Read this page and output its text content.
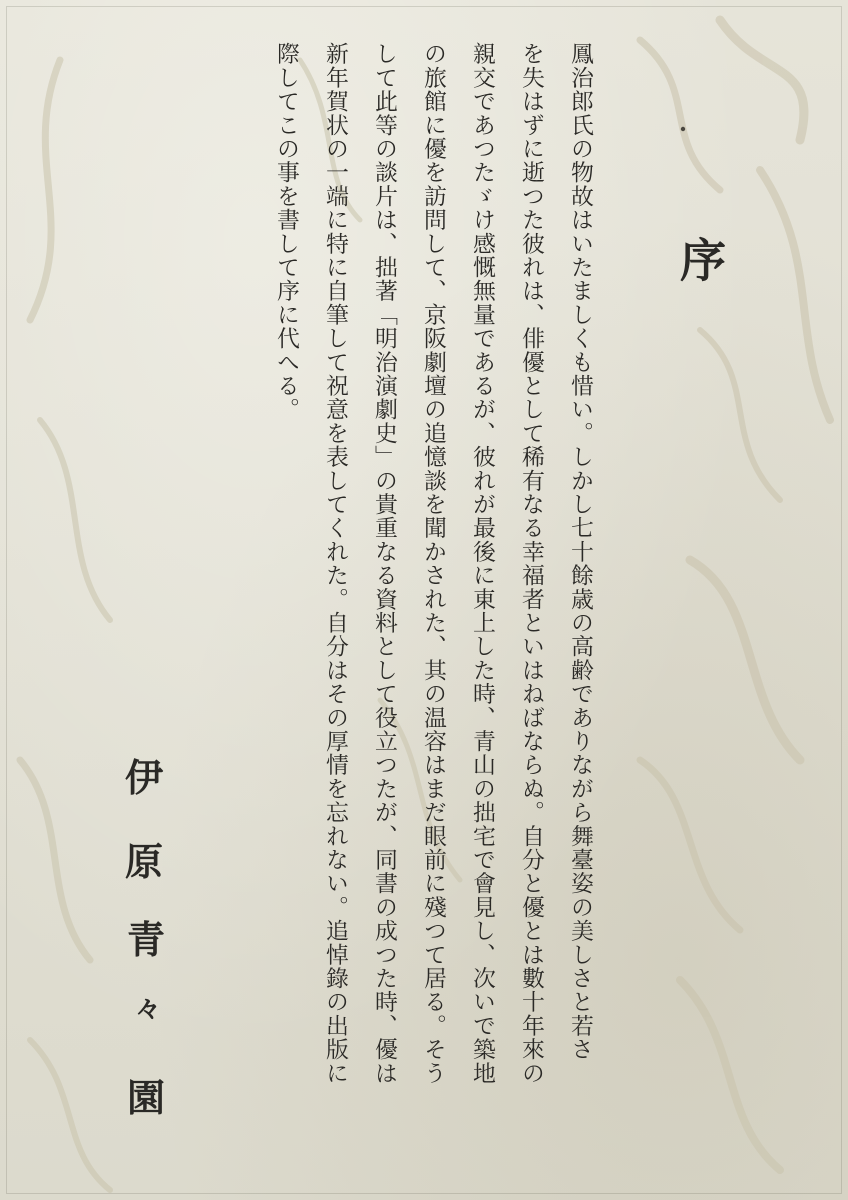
序
鳳治郎氏の物故はいたましくも惜い。しかし七十餘歳の高齢でありながら舞臺姿の美しさと若さ
を失はずに逝つた彼れは、俳優として稀有なる幸福者といはねばならぬ。自分と優とは數十年來の
親交であつたゞけ感慨無量であるが、彼れが最後に東上した時、青山の拙宅で會見し、次いで築地
の旅館に優を訪問して、京阪劇壇の追憶談を聞かされた、其の温容はまだ眼前に殘つて居る。そう
して此等の談片は、拙著「明治演劇史」の貴重なる資料として役立つたが、同書の成つた時、優は
新年賀状の一端に特に自筆して祝意を表してくれた。自分はその厚情を忘れない。追悼錄の出版に
際してこの事を書して序に代へる。
伊
原
青
々
園
